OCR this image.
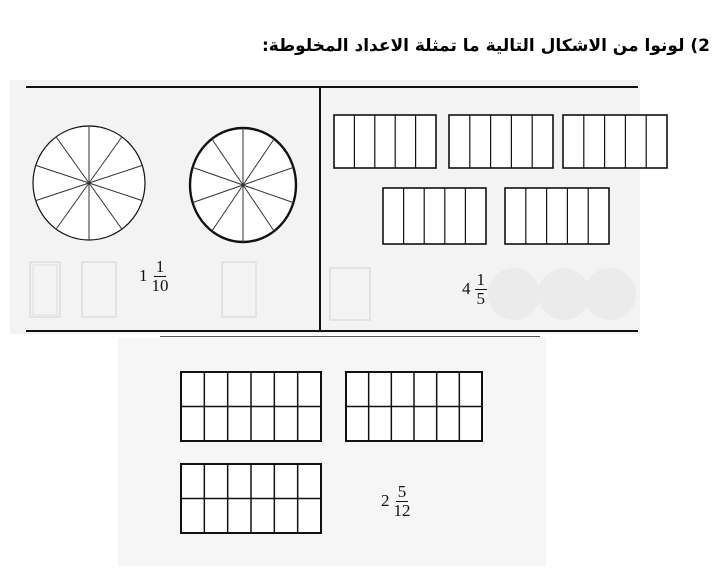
2) لونوا من الاشكال التالية ما تمثلة الاعداد المخلوطة:
$1 \frac{1}{10}$	$4 \frac{1}{5}$
$2 \frac{5}{12}$
